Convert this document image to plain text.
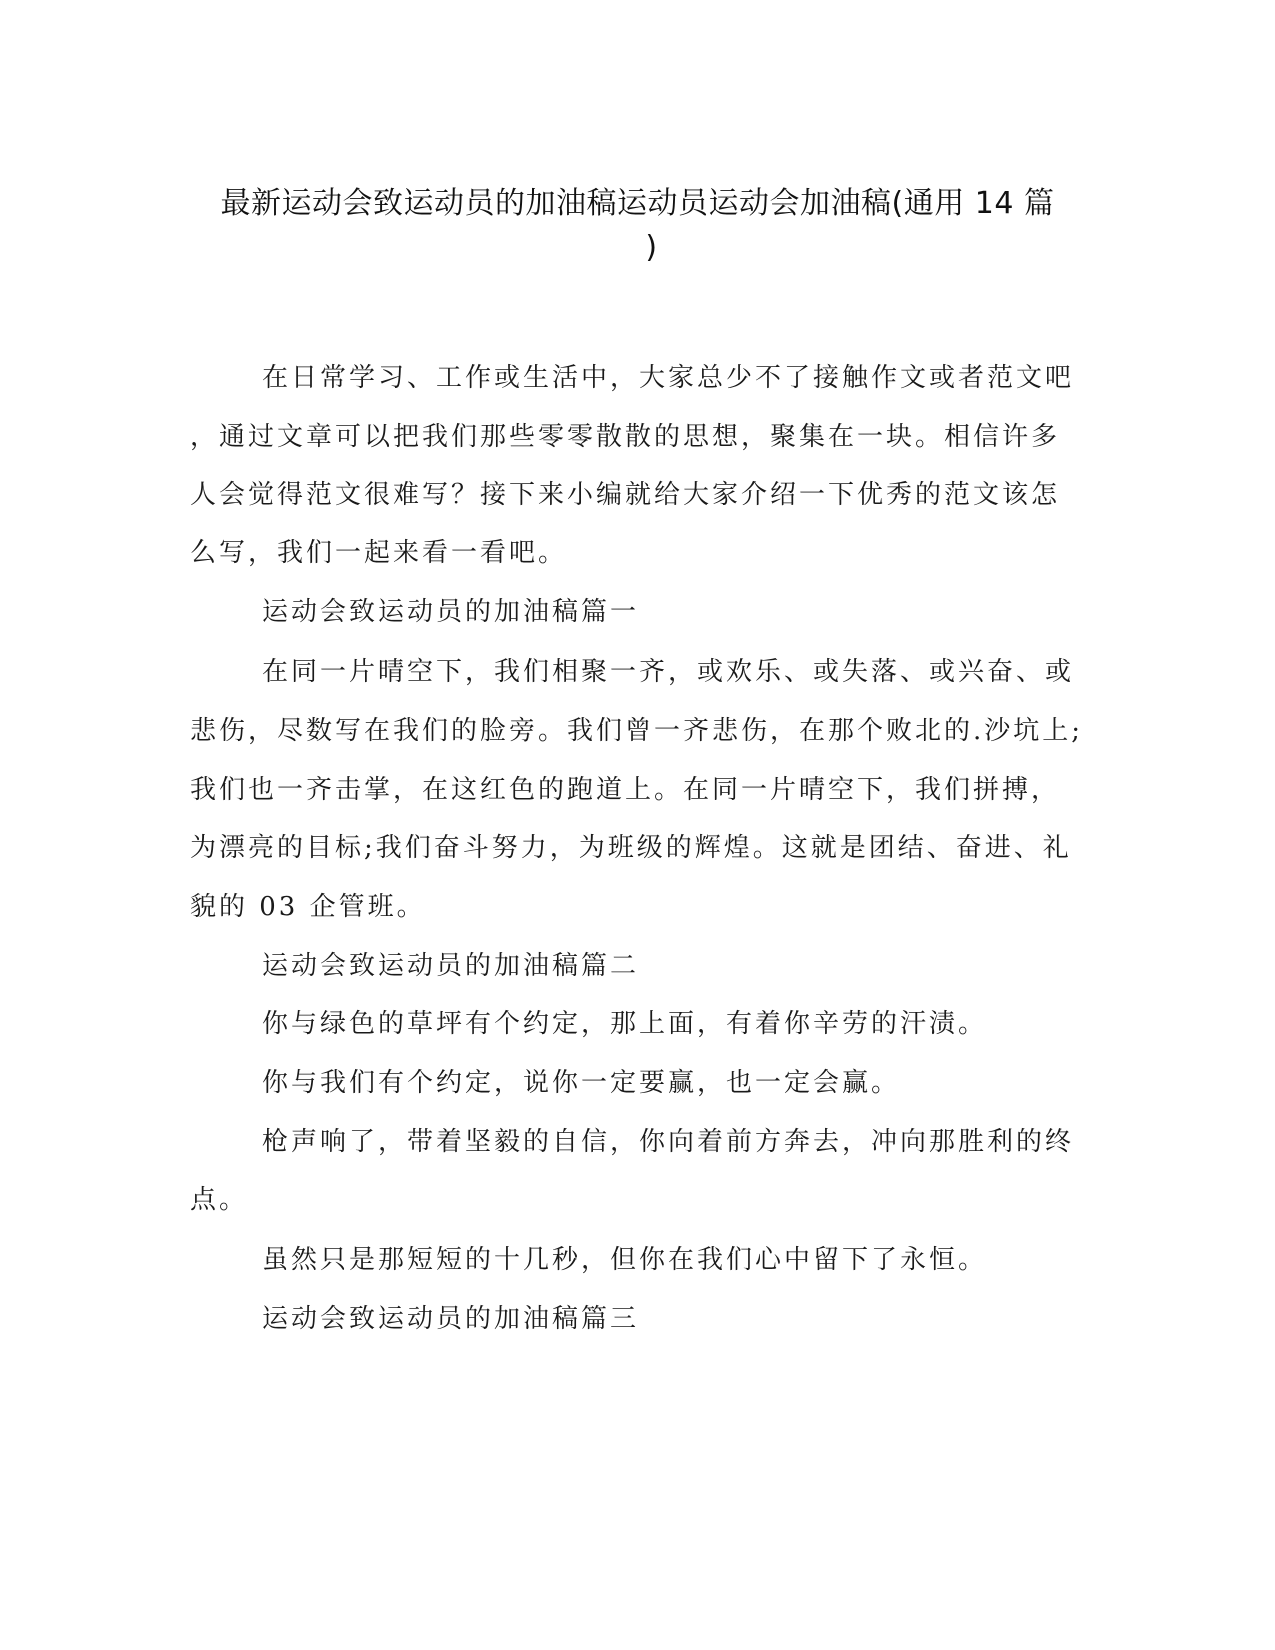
最新运动会致运动员的加油稿运动员运动会加油稿(通用 14 篇
)
在日常学习、工作或生活中，大家总少不了接触作文或者范文吧
，通过文章可以把我们那些零零散散的思想，聚集在一块。相信许多
人会觉得范文很难写？接下来小编就给大家介绍一下优秀的范文该怎
么写，我们一起来看一看吧。
运动会致运动员的加油稿篇一
在同一片晴空下，我们相聚一齐，或欢乐、或失落、或兴奋、或
悲伤，尽数写在我们的脸旁。我们曾一齐悲伤，在那个败北的.沙坑上;
我们也一齐击掌，在这红色的跑道上。在同一片晴空下，我们拼搏，
为漂亮的目标;我们奋斗努力，为班级的辉煌。这就是团结、奋进、礼
貌的 03 企管班。
运动会致运动员的加油稿篇二
你与绿色的草坪有个约定，那上面，有着你辛劳的汗渍。
你与我们有个约定，说你一定要赢，也一定会赢。
枪声响了，带着坚毅的自信，你向着前方奔去，冲向那胜利的终
点。
虽然只是那短短的十几秒，但你在我们心中留下了永恒。
运动会致运动员的加油稿篇三
